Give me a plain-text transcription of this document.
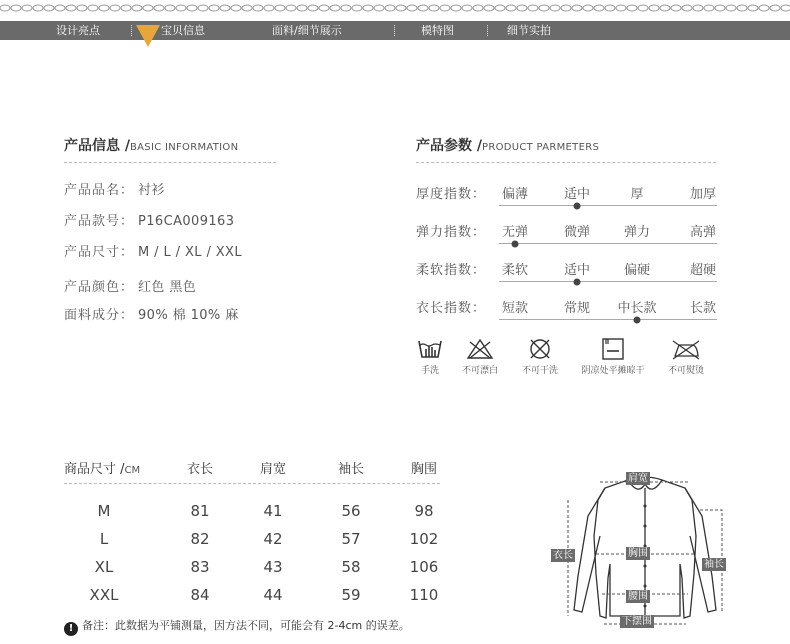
设计亮点	宝贝信息	面料/细节展示	模特图	细节实拍
产品信息 /BASIC INFORMATION
产品品名： 衬衫
产品款号： P16CA009163
产品尺寸： M / L / XL / XXL
产品颜色： 红色 黑色
面料成分： 90% 棉 10% 麻
产品参数 /PRODUCT PARMETERS
厚度指数： 偏薄	适中	厚	加厚
弹力指数： 无弹	微弹	弹力	高弹
柔软指数： 柔软	适中	偏硬	超硬
衣长指数： 短款	常规 中长款	长款
手洗	不可漂白	不可干洗	阴凉处平摊晾干	不可熨烫
商品尺寸 /CM	衣长	肩宽	袖长	胸围
M	81	41	56	98
L	82	42	57	102
XL	83	43	58	106
XXL	84	44	59	110
! 备注：此数据为平铺测量，因方法不同，可能会有 2-4cm 的误差。
肩宽
衣长	胸围
袖长
腰围
下摆围
